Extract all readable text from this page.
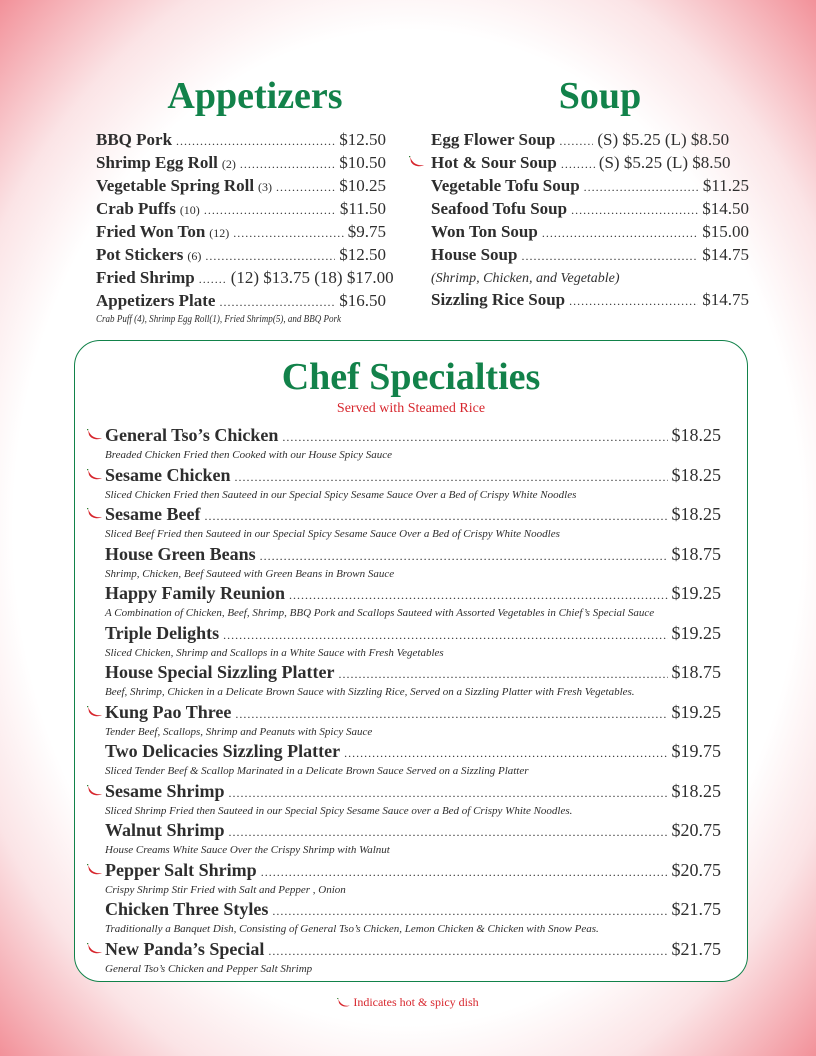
Appetizers
BBQ Pork .....	$12.50
Shrimp Egg Roll (2) .....	$10.50
Vegetable Spring Roll (3) .....	$10.25
Crab Puffs (10) .....	$11.50
Fried Won Ton (12) .....	$9.75
Pot Stickers (6) .....	$12.50
Fried Shrimp ..... (12) $13.75 (18) $17.00
Appetizers Plate .....	$16.50
Crab Puff (4), Shrimp Egg Roll(1), Fried Shrimp(5), and BBQ Pork
Soup
Egg Flower Soup ..... (S) $5.25 (L) $8.50
Hot & Sour Soup ..... (S) $5.25 (L) $8.50
Vegetable Tofu Soup .....	$11.25
Seafood Tofu Soup .....	$14.50
Won Ton Soup .....	$15.00
House Soup .....	$14.75
(Shrimp, Chicken, and Vegetable)
Sizzling Rice Soup .....	$14.75
Chef Specialties
Served with Steamed Rice
General Tso’s Chicken .....	$18.25
Breaded Chicken Fried then Cooked with our House Spicy Sauce
Sesame Chicken .....	$18.25
Sliced Chicken Fried then Sauteed in our Special Spicy Sesame Sauce Over a Bed of Crispy White Noodles
Sesame Beef .....	$18.25
Sliced Beef Fried then Sauteed in our Special Spicy Sesame Sauce Over a Bed of Crispy White Noodles
House Green Beans .....	$18.75
Shrimp, Chicken, Beef Sauteed with Green Beans in Brown Sauce
Happy Family Reunion .....	$19.25
A Combination of Chicken, Beef, Shrimp, BBQ Pork and Scallops Sauteed with Assorted Vegetables in Chief’s Special Sauce
Triple Delights .....	$19.25
Sliced Chicken, Shrimp and Scallops in a White Sauce with Fresh Vegetables
House Special Sizzling Platter .....	$18.75
Beef, Shrimp, Chicken in a Delicate Brown Sauce with Sizzling Rice, Served on a Sizzling Platter with Fresh Vegetables.
Kung Pao Three .....	$19.25
Tender Beef, Scallops, Shrimp and Peanuts with Spicy Sauce
Two Delicacies Sizzling Platter .....	$19.75
Sliced Tender Beef & Scallop Marinated in a Delicate Brown Sauce Served on a Sizzling Platter
Sesame Shrimp .....	$18.25
Sliced Shrimp Fried then Sauteed in our Special Spicy Sesame Sauce over a Bed of Crispy White Noodles.
Walnut Shrimp .....	$20.75
House Creams White Sauce Over the Crispy Shrimp with Walnut
Pepper Salt Shrimp .....	$20.75
Crispy Shrimp Stir Fried with Salt and Pepper , Onion
Chicken Three Styles .....	$21.75
Traditionally a Banquet Dish, Consisting of General Tso’s Chicken, Lemon Chicken & Chicken with Snow Peas.
New Panda’s Special .....	$21.75
General Tso’s Chicken and Pepper Salt Shrimp
Indicates hot & spicy dish
